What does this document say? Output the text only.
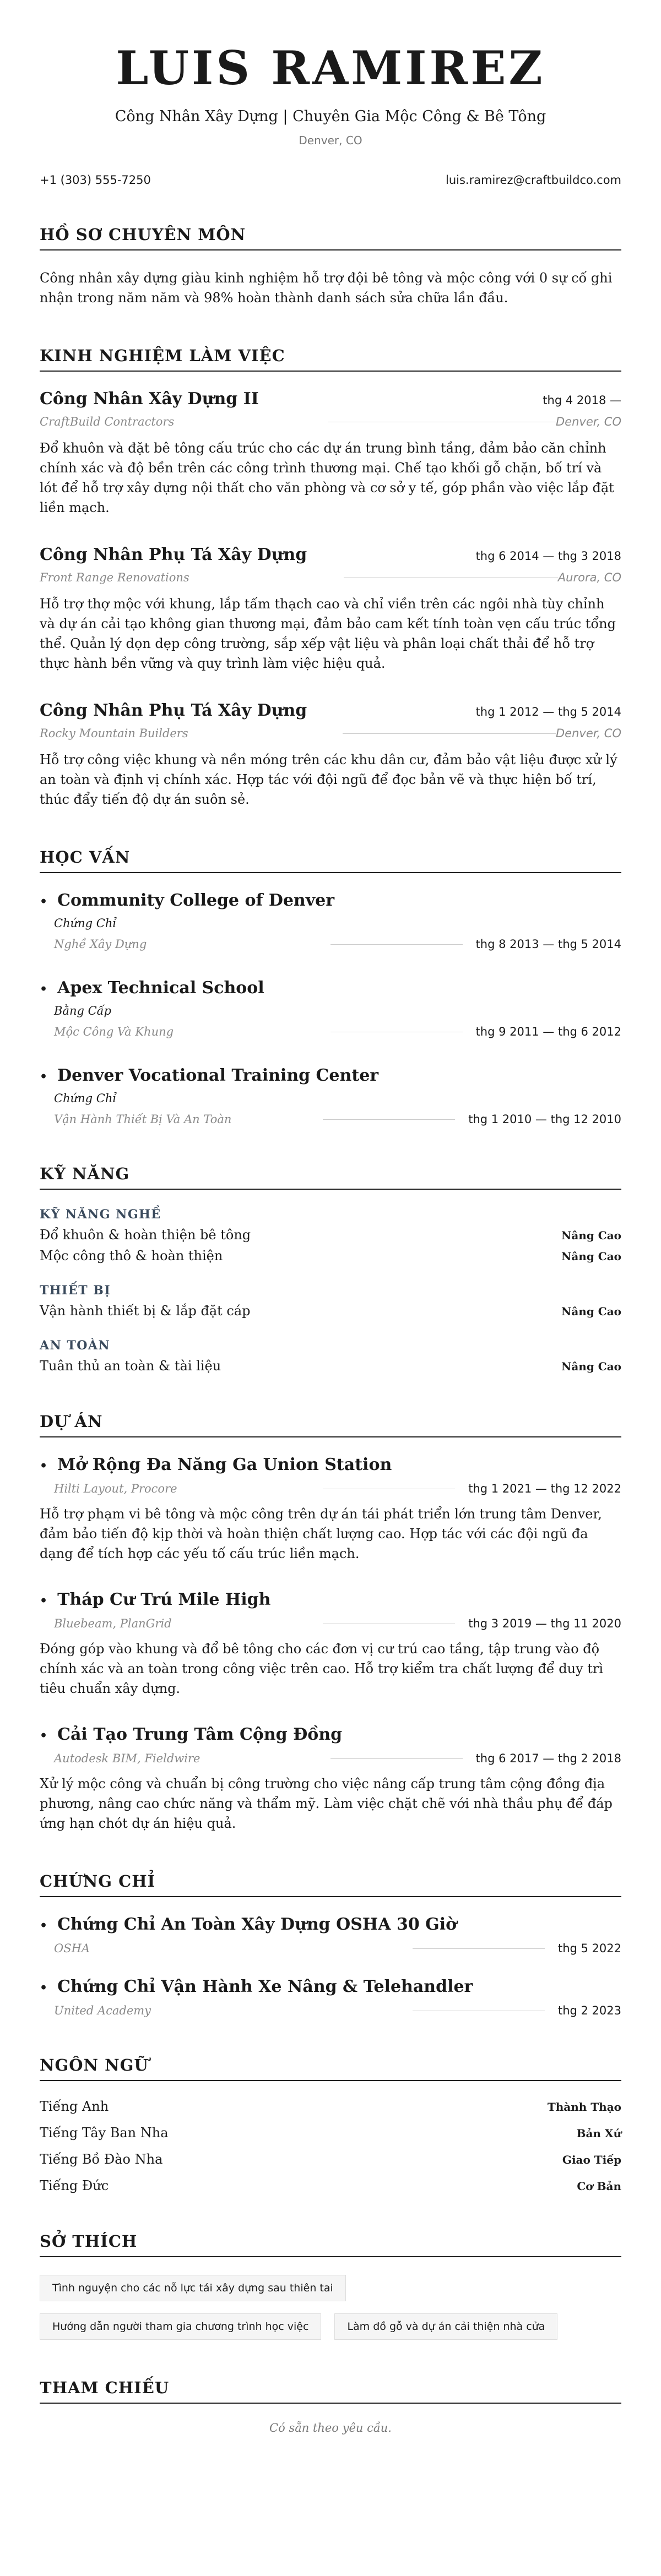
LUIS RAMIREZ
Công Nhân Xây Dựng | Chuyên Gia Mộc Công & Bê Tông
Denver, CO
+1 (303) 555-7250	luis.ramirez@craftbuildco.com
HỒ SƠ CHUYÊN MÔN

Công nhân xây dựng giàu kinh nghiệm hỗ trợ đội bê tông và mộc công với 0 sự cố ghi nhận trong năm năm và 98% hoàn thành danh sách sửa chữa lần đầu.

KINH NGHIỆM LÀM VIỆC
Công Nhân Xây Dựng II	thg 4 2018 —
CraftBuild Contractors	Denver, CO

Đổ khuôn và đặt bê tông cấu trúc cho các dự án trung bình tầng, đảm bảo căn chỉnh chính xác và độ bền trên các công trình thương mại. Chế tạo khối gỗ chặn, bố trí và lót để hỗ trợ xây dựng nội thất cho văn phòng và cơ sở y tế, góp phần vào việc lắp đặt liền mạch.

Công Nhân Phụ Tá Xây Dựng	thg 6 2014 — thg 3 2018
Front Range Renovations	Aurora, CO

Hỗ trợ thợ mộc với khung, lắp tấm thạch cao và chỉ viền trên các ngôi nhà tùy chỉnh và dự án cải tạo không gian thương mại, đảm bảo cam kết tính toàn vẹn cấu trúc tổng thể. Quản lý dọn dẹp công trường, sắp xếp vật liệu và phân loại chất thải để hỗ trợ thực hành bền vững và quy trình làm việc hiệu quả.

Công Nhân Phụ Tá Xây Dựng	thg 1 2012 — thg 5 2014
Rocky Mountain Builders	Denver, CO

Hỗ trợ công việc khung và nền móng trên các khu dân cư, đảm bảo vật liệu được xử lý an toàn và định vị chính xác. Hợp tác với đội ngũ để đọc bản vẽ và thực hiện bố trí, thúc đẩy tiến độ dự án suôn sẻ.

HỌC VẤN
• Community College of Denver
Chứng Chỉ
Nghề Xây Dựng	thg 8 2013 — thg 5 2014
• Apex Technical School
Bằng Cấp
Mộc Công Và Khung	thg 9 2011 — thg 6 2012
• Denver Vocational Training Center
Chứng Chỉ
Vận Hành Thiết Bị Và An Toàn	thg 1 2010 — thg 12 2010
KỸ NĂNG
KỸ NĂNG NGHỀ
Đổ khuôn & hoàn thiện bê tông	Nâng Cao
Mộc công thô & hoàn thiện	Nâng Cao
THIẾT BỊ
Vận hành thiết bị & lắp đặt cáp	Nâng Cao
AN TOÀN
Tuân thủ an toàn & tài liệu	Nâng Cao
DỰ ÁN
• Mở Rộng Đa Năng Ga Union Station
Hilti Layout, Procore	thg 1 2021 — thg 12 2022

Hỗ trợ phạm vi bê tông và mộc công trên dự án tái phát triển lớn trung tâm Denver, đảm bảo tiến độ kịp thời và hoàn thiện chất lượng cao. Hợp tác với các đội ngũ đa dạng để tích hợp các yếu tố cấu trúc liền mạch.

• Tháp Cư Trú Mile High
Bluebeam, PlanGrid	thg 3 2019 — thg 11 2020

Đóng góp vào khung và đổ bê tông cho các đơn vị cư trú cao tầng, tập trung vào độ chính xác và an toàn trong công việc trên cao. Hỗ trợ kiểm tra chất lượng để duy trì tiêu chuẩn xây dựng.

• Cải Tạo Trung Tâm Cộng Đồng
Autodesk BIM, Fieldwire	thg 6 2017 — thg 2 2018

Xử lý mộc công và chuẩn bị công trường cho việc nâng cấp trung tâm cộng đồng địa phương, nâng cao chức năng và thẩm mỹ. Làm việc chặt chẽ với nhà thầu phụ để đáp ứng hạn chót dự án hiệu quả.

CHỨNG CHỈ
• Chứng Chỉ An Toàn Xây Dựng OSHA 30 Giờ
OSHA	thg 5 2022
• Chứng Chỉ Vận Hành Xe Nâng & Telehandler
United Academy	thg 2 2023
NGÔN NGỮ
Tiếng Anh	Thành Thạo
Tiếng Tây Ban Nha	Bản Xứ
Tiếng Bồ Đào Nha	Giao Tiếp
Tiếng Đức	Cơ Bản
SỞ THÍCH
Tình nguyện cho các nỗ lực tái xây dựng sau thiên tai
Hướng dẫn người tham gia chương trình học việc	Làm đồ gỗ và dự án cải thiện nhà cửa
THAM CHIẾU
Có sẵn theo yêu cầu.
